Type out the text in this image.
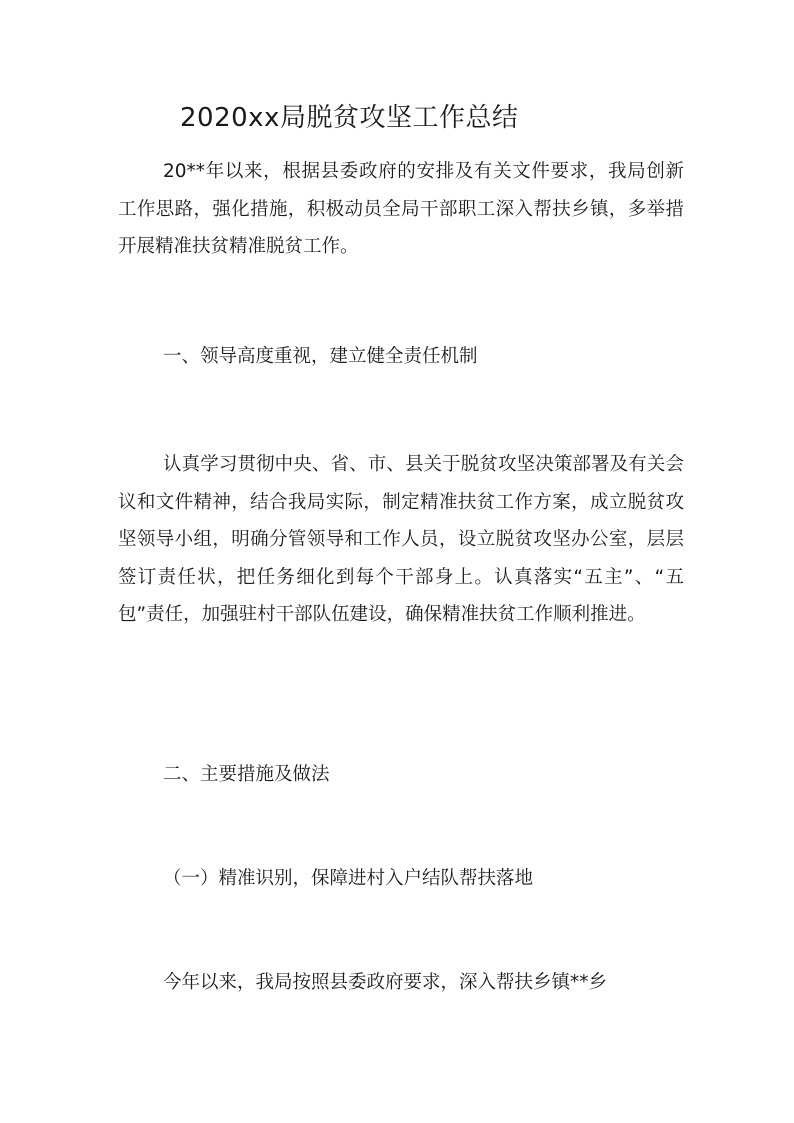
2020xx局脱贫攻坚工作总结

20**年以来，根据县委政府的安排及有关文件要求，我局创新工作思路，强化措施，积极动员全局干部职工深入帮扶乡镇，多举措开展精准扶贫精准脱贫工作。

一、领导高度重视，建立健全责任机制

认真学习贯彻中央、省、市、县关于脱贫攻坚决策部署及有关会议和文件精神，结合我局实际，制定精准扶贫工作方案，成立脱贫攻坚领导小组，明确分管领导和工作人员，设立脱贫攻坚办公室，层层签订责任状，把任务细化到每个干部身上。认真落实“五主”、“五包”责任，加强驻村干部队伍建设，确保精准扶贫工作顺利推进。

二、主要措施及做法

（一）精准识别，保障进村入户结队帮扶落地

今年以来，我局按照县委政府要求，深入帮扶乡镇**乡
